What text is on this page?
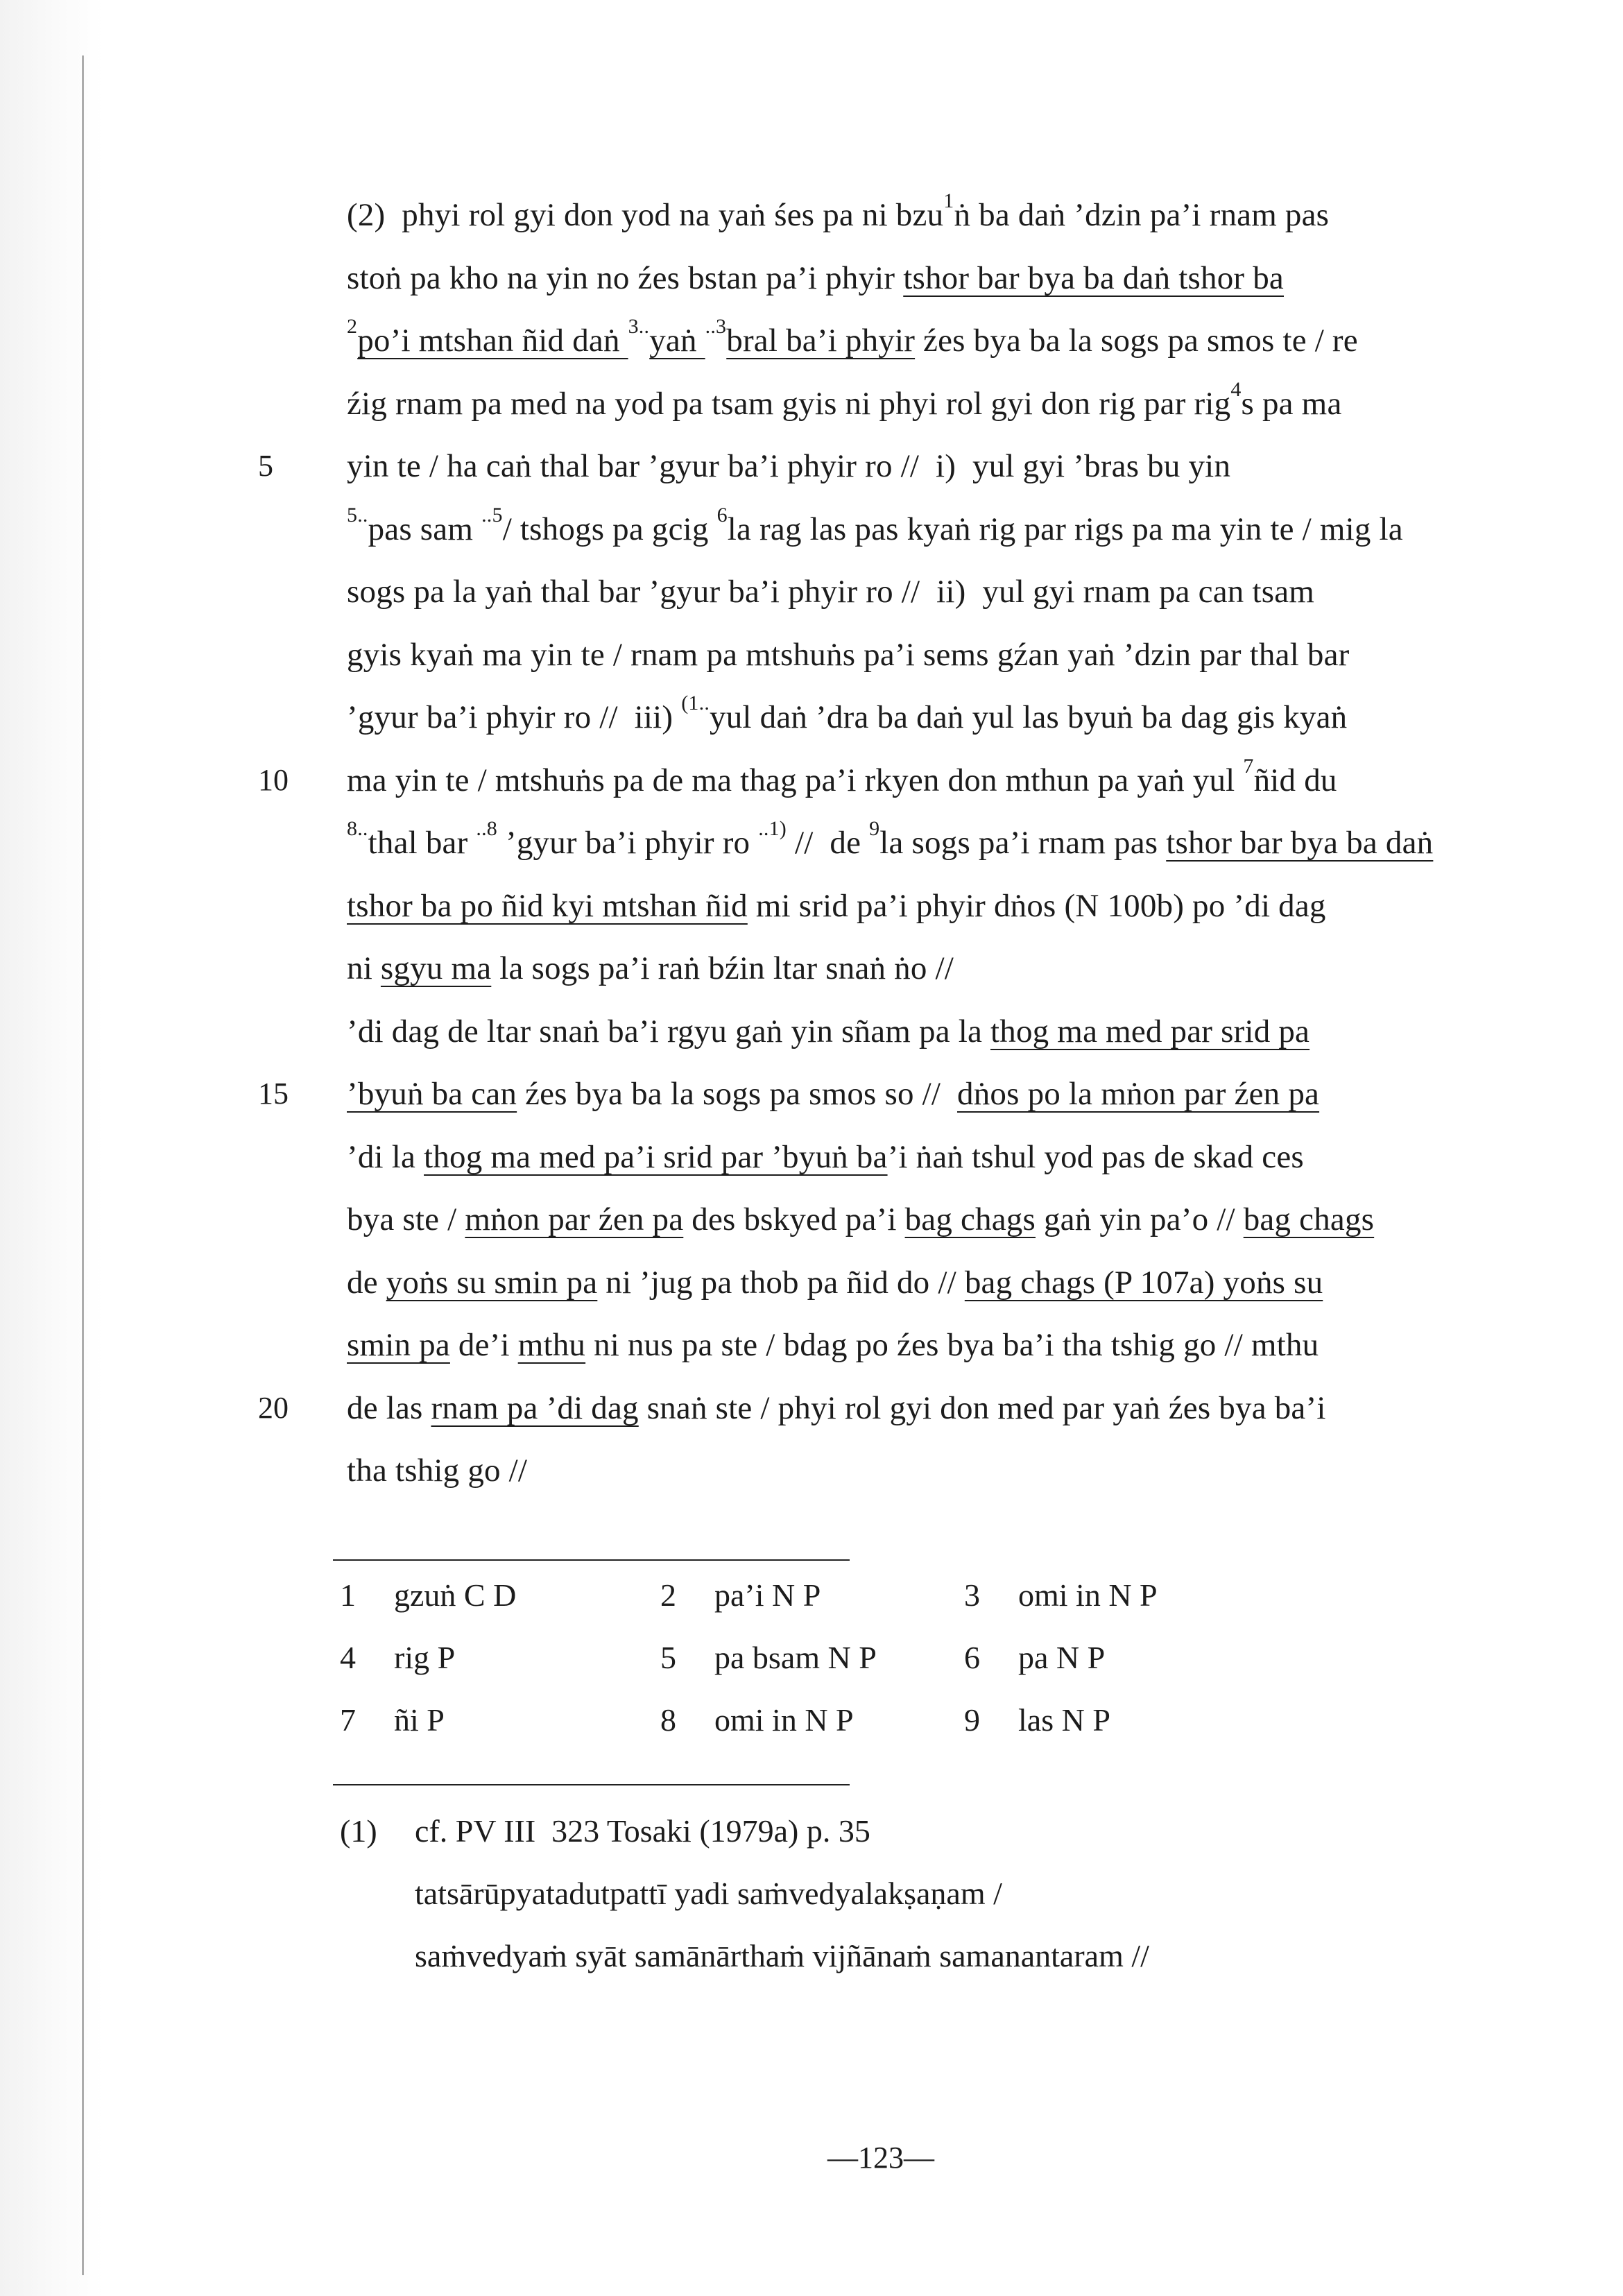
(2)  phyi rol gyi don yod na yaṅ śes pa ni bzu$^1$ṅ ba daṅ ’dzin pa’i rnam pas
stoṅ pa kho na yin no źes bstan pa’i phyir tshor bar bya ba daṅ tshor ba
$^2$po’i mtshan ñid daṅ $^{3..}$yaṅ $^{..3}$bral ba’i phyir źes bya ba la sogs pa smos te / re
źig rnam pa med na yod pa tsam gyis ni phyi rol gyi don rig par rig$^4$s pa ma
5	yin te / ha caṅ thal bar ’gyur ba’i phyir ro //  i)  yul gyi ’bras bu yin
$^{5..}$pas sam $^{..5}$/ tshogs pa gcig $^6$la rag las pas kyaṅ rig par rigs pa ma yin te / mig la
sogs pa la yaṅ thal bar ’gyur ba’i phyir ro //  ii)  yul gyi rnam pa can tsam
gyis kyaṅ ma yin te / rnam pa mtshuṅs pa’i sems gźan yaṅ ’dzin par thal bar
’gyur ba’i phyir ro //  iii) $^{(1..}$yul daṅ ’dra ba daṅ yul las byuṅ ba dag gis kyaṅ
10	ma yin te / mtshuṅs pa de ma thag pa’i rkyen don mthun pa yaṅ yul $^7$ñid du
$^{8..}$thal bar $^{..8}$ ’gyur ba’i phyir ro $^{..1)}$ //  de $^9$la sogs pa’i rnam pas tshor bar bya ba daṅ
tshor ba po ñid kyi mtshan ñid mi srid pa’i phyir dṅos (N 100b) po ’di dag
ni sgyu ma la sogs pa’i raṅ bźin ltar snaṅ ṅo //
’di dag de ltar snaṅ ba’i rgyu gaṅ yin sñam pa la thog ma med par srid pa
15	’byuṅ ba can źes bya ba la sogs pa smos so //  dṅos po la mṅon par źen pa
’di la thog ma med pa’i srid par ’byuṅ ba’i ṅaṅ tshul yod pas de skad ces
bya ste / mṅon par źen pa des bskyed pa’i bag chags gaṅ yin pa’o // bag chags
de yoṅs su smin pa ni ’jug pa thob pa ñid do // bag chags (P 107a) yoṅs su
smin pa de’i mthu ni nus pa ste / bdag po źes bya ba’i tha tshig go // mthu
20	de las rnam pa ’di dag snaṅ ste / phyi rol gyi don med par yaṅ źes bya ba’i
tha tshig go //
1	gzuṅ C D	2	pa’i N P	3	omi in N P
4	rig P	5	pa bsam N P	6	pa N P
7	ñi P	8	omi in N P	9	las N P
(1)	cf. PV III  323 Tosaki (1979a) p. 35
tatsārūpyatadutpattī yadi saṁvedyalakṣaṇam /
saṁvedyaṁ syāt samānārthaṁ vijñānaṁ samanantaram //
—123—
